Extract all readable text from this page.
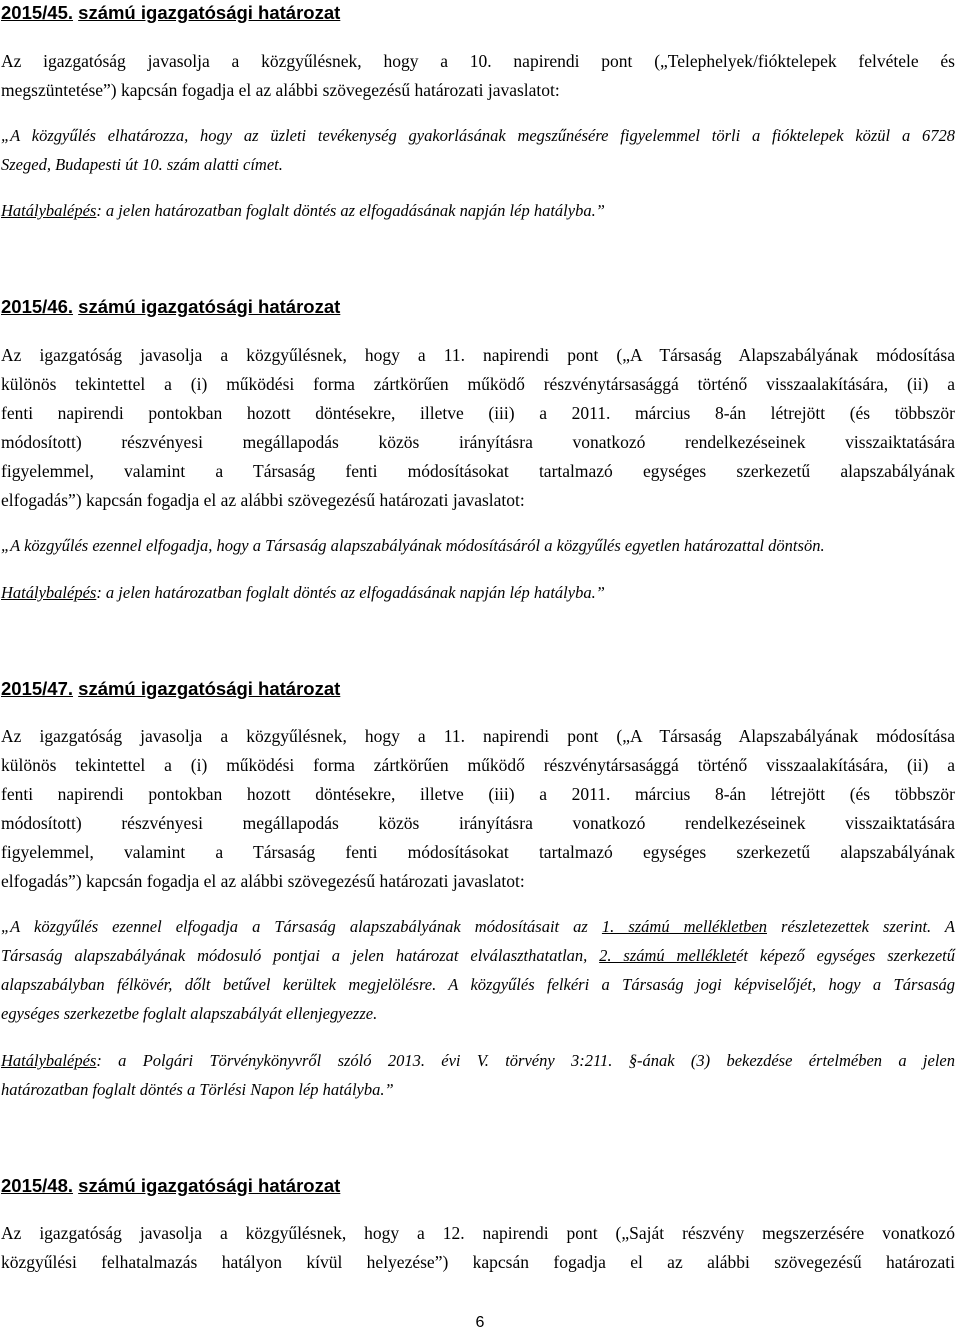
2015/45. számú igazgatósági határozat
Az igazgatóság javasolja a közgyűlésnek, hogy a 10. napirendi pont („Telephelyek/fióktelepek felvétele és
megszüntetése”) kapcsán fogadja el az alábbi szövegezésű határozati javaslatot:
„A közgyűlés elhatározza, hogy az üzleti tevékenység gyakorlásának megszűnésére figyelemmel törli a fióktelepek közül a 6728
Szeged, Budapesti út 10. szám alatti címet.
Hatálybalépés: a jelen határozatban foglalt döntés az elfogadásának napján lép hatályba.”
2015/46. számú igazgatósági határozat
Az igazgatóság javasolja a közgyűlésnek, hogy a 11. napirendi pont („A Társaság Alapszabályának módosítása
különös tekintettel a (i) működési forma zártkörűen működő részvénytársasággá történő visszaalakítására, (ii) a
fenti napirendi pontokban hozott döntésekre, illetve (iii) a 2011. március 8-án létrejött (és többször
módosított) részvényesi megállapodás közös irányításra vonatkozó rendelkezéseinek visszaiktatására
figyelemmel, valamint a Társaság fenti módosításokat tartalmazó egységes szerkezetű alapszabályának
elfogadás”) kapcsán fogadja el az alábbi szövegezésű határozati javaslatot:
„A közgyűlés ezennel elfogadja, hogy a Társaság alapszabályának módosításáról a közgyűlés egyetlen határozattal döntsön.
Hatálybalépés: a jelen határozatban foglalt döntés az elfogadásának napján lép hatályba.”
2015/47. számú igazgatósági határozat
Az igazgatóság javasolja a közgyűlésnek, hogy a 11. napirendi pont („A Társaság Alapszabályának módosítása
különös tekintettel a (i) működési forma zártkörűen működő részvénytársasággá történő visszaalakítására, (ii) a
fenti napirendi pontokban hozott döntésekre, illetve (iii) a 2011. március 8-án létrejött (és többször
módosított) részvényesi megállapodás közös irányításra vonatkozó rendelkezéseinek visszaiktatására
figyelemmel, valamint a Társaság fenti módosításokat tartalmazó egységes szerkezetű alapszabályának
elfogadás”) kapcsán fogadja el az alábbi szövegezésű határozati javaslatot:
„A közgyűlés ezennel elfogadja a Társaság alapszabályának módosításait az 1. számú mellékletben részletezettek szerint. A
Társaság alapszabályának módosuló pontjai a jelen határozat elválaszthatatlan, 2. számú mellékletét képező egységes szerkezetű
alapszabályban félkövér, dőlt betűvel kerültek megjelölésre. A közgyűlés felkéri a Társaság jogi képviselőjét, hogy a Társaság
egységes szerkezetbe foglalt alapszabályát ellenjegyezze.
Hatálybalépés: a Polgári Törvénykönyvről szóló 2013. évi V. törvény 3:211. §-ának (3) bekezdése értelmében a jelen
határozatban foglalt döntés a Törlési Napon lép hatályba.”
2015/48. számú igazgatósági határozat
Az igazgatóság javasolja a közgyűlésnek, hogy a 12. napirendi pont („Saját részvény megszerzésére vonatkozó
közgyűlési felhatalmazás hatályon kívül helyezése”) kapcsán fogadja el az alábbi szövegezésű határozati
6
